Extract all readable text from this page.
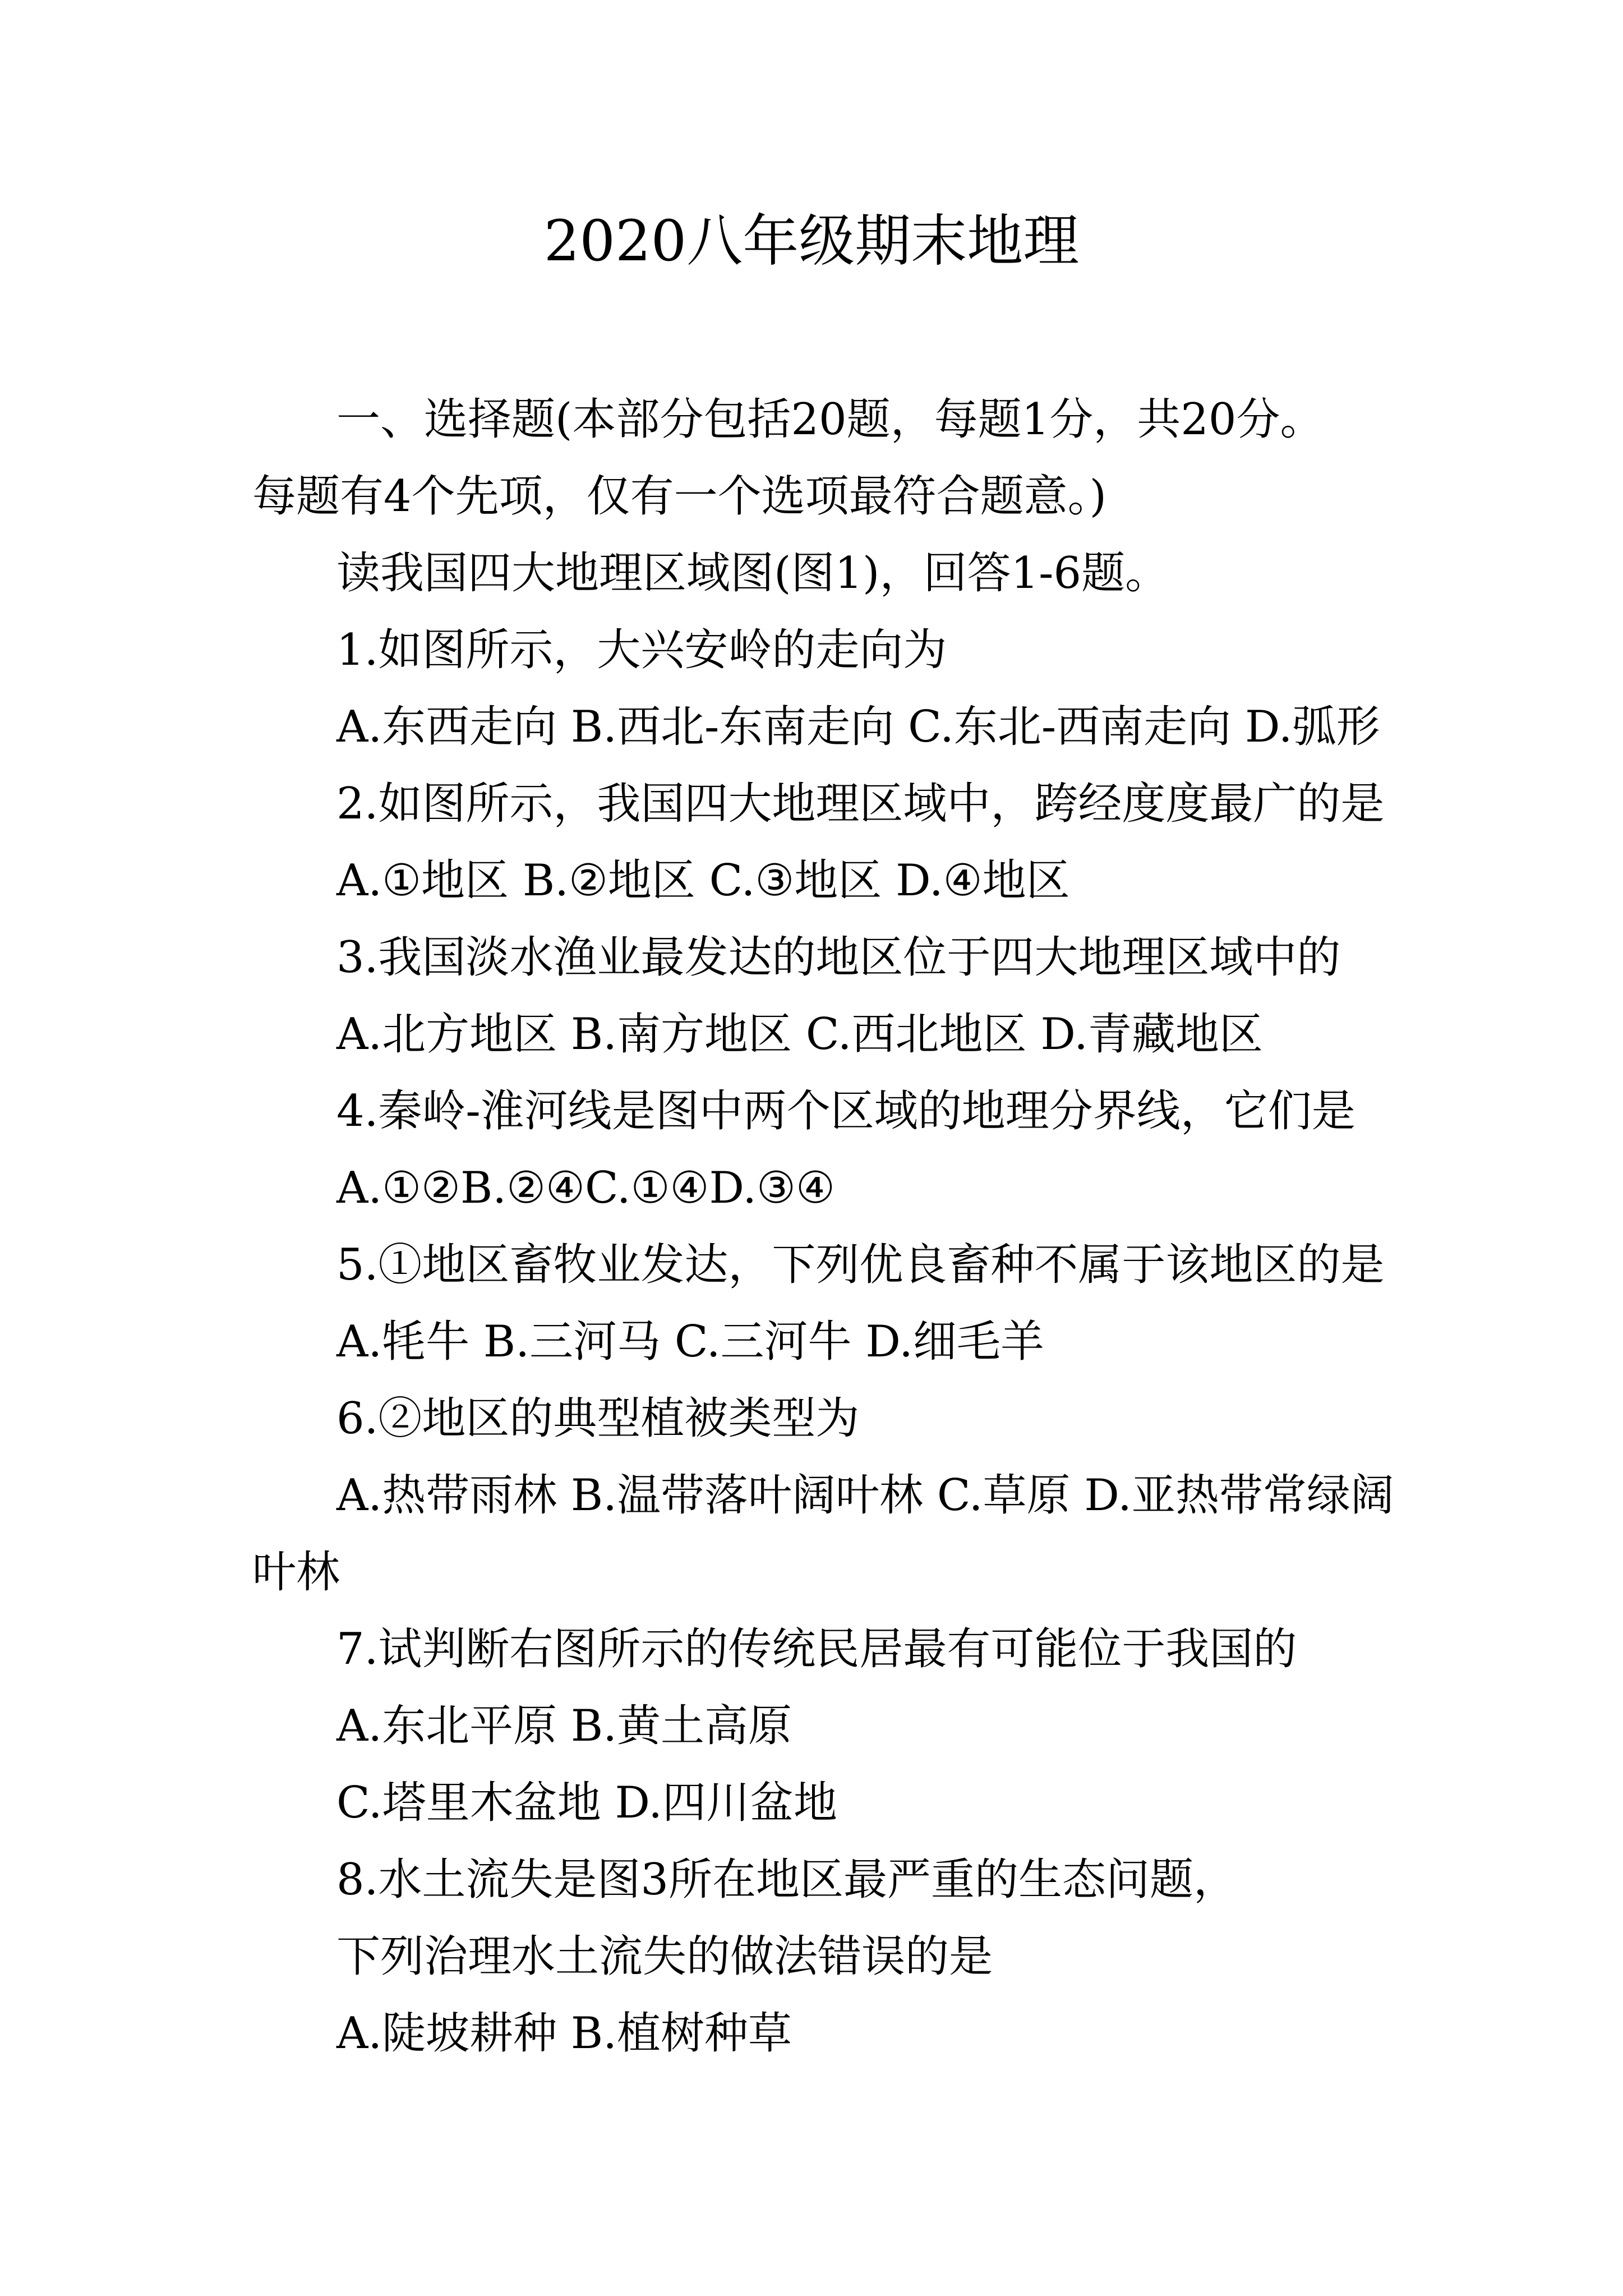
2020八年级期末地理
一、选择题(本部分包括20题，每题1分，共20分。
每题有4个先项，仅有一个选项最符合题意。)
读我国四大地理区域图(图1)，回答1-6题。
1.如图所示，大兴安岭的走向为
A.东西走向 B.西北-东南走向 C.东北-西南走向 D.弧形
2.如图所示，我国四大地理区域中，跨经度度最广的是
A.①地区 B.②地区 C.③地区 D.④地区
3.我国淡水渔业最发达的地区位于四大地理区域中的
A.北方地区 B.南方地区 C.西北地区 D.青藏地区
4.秦岭-淮河线是图中两个区域的地理分界线，它们是
A.①②B.②④C.①④D.③④
5.①地区畜牧业发达，下列优良畜种不属于该地区的是
A.牦牛 B.三河马 C.三河牛 D.细毛羊
6.②地区的典型植被类型为
A.热带雨林 B.温带落叶阔叶林 C.草原 D.亚热带常绿阔
叶林
7.试判断右图所示的传统民居最有可能位于我国的
A.东北平原 B.黄土高原
C.塔里木盆地 D.四川盆地
8.水土流失是图3所在地区最严重的生态问题，
下列治理水土流失的做法错误的是
A.陡坡耕种 B.植树种草
